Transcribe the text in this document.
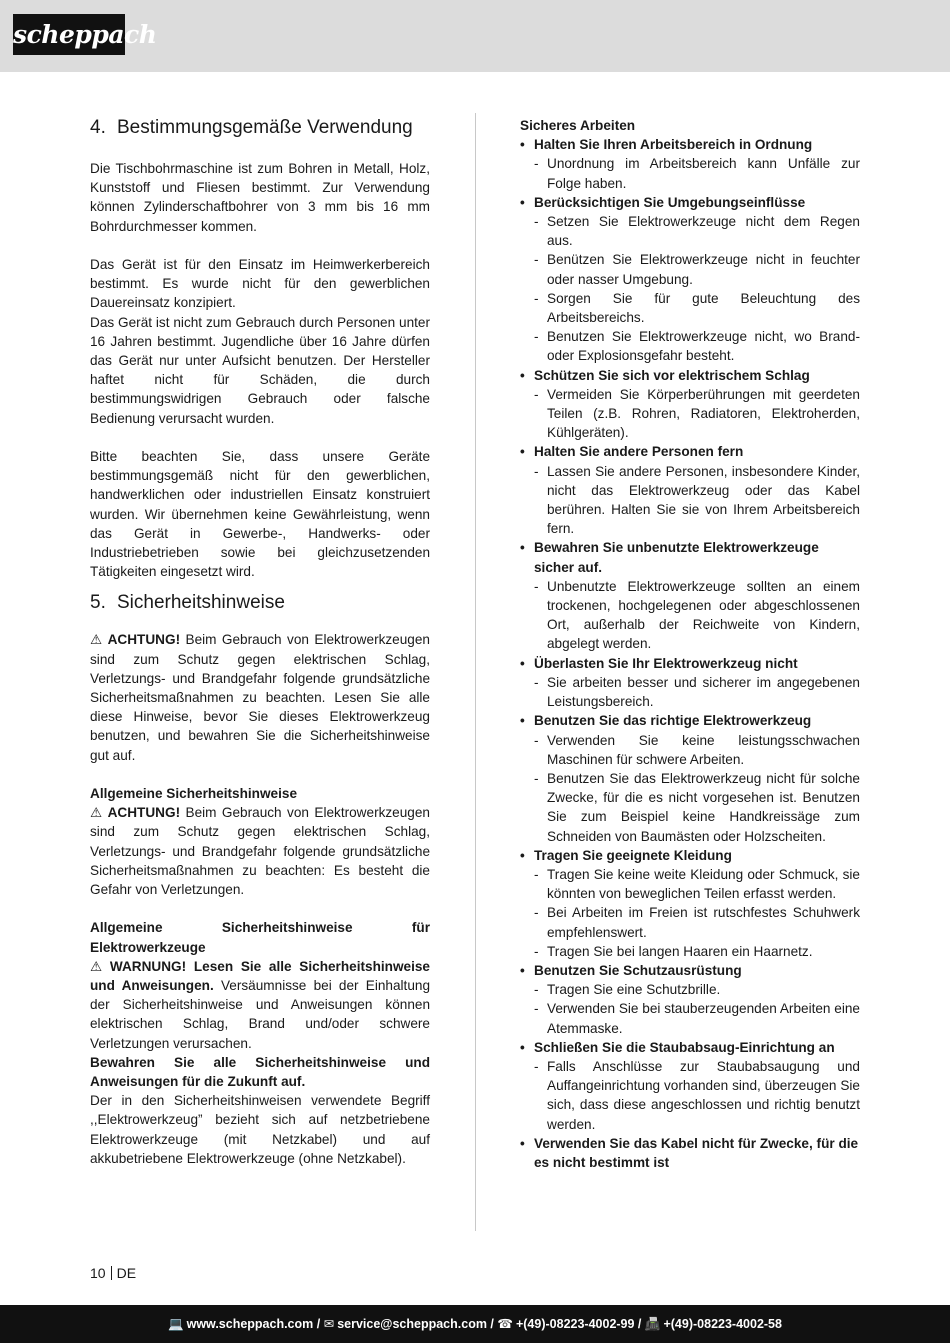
scheppach
4. Bestimmungsgemäße Verwendung

Die Tischbohrmaschine ist zum Bohren in Metall, Holz, Kunststoff und Fliesen bestimmt. Zur Verwendung können Zylinderschaftbohrer von 3 mm bis 16 mm Bohrdurchmesser kommen.

Das Gerät ist für den Einsatz im Heimwerkerbereich bestimmt. Es wurde nicht für den gewerblichen Dauereinsatz konzipiert.

Das Gerät ist nicht zum Gebrauch durch Personen unter 16 Jahren bestimmt. Jugendliche über 16 Jahre dürfen das Gerät nur unter Aufsicht benutzen. Der Hersteller haftet nicht für Schäden, die durch bestimmungswidrigen Gebrauch oder falsche Bedienung verursacht wurden.

Bitte beachten Sie, dass unsere Geräte bestimmungsgemäß nicht für den gewerblichen, handwerklichen oder industriellen Einsatz konstruiert wurden. Wir übernehmen keine Gewährleistung, wenn das Gerät in Gewerbe-, Handwerks- oder Industriebetrieben sowie bei gleichzusetzenden Tätigkeiten eingesetzt wird.

5. Sicherheitshinweise

⚠ ACHTUNG! Beim Gebrauch von Elektrowerkzeugen sind zum Schutz gegen elektrischen Schlag, Verletzungs- und Brandgefahr folgende grundsätzliche Sicherheitsmaßnahmen zu beachten. Lesen Sie alle diese Hinweise, bevor Sie dieses Elektrowerkzeug benutzen, und bewahren Sie die Sicherheitshinweise gut auf.

Allgemeine Sicherheitshinweise

⚠ ACHTUNG! Beim Gebrauch von Elektrowerkzeugen sind zum Schutz gegen elektrischen Schlag, Verletzungs- und Brandgefahr folgende grundsätzliche Sicherheitsmaßnahmen zu beachten: Es besteht die Gefahr von Verletzungen.

Allgemeine Sicherheitshinweise für Elektrowerkzeuge

⚠ WARNUNG! Lesen Sie alle Sicherheitshinweise und Anweisungen. Versäumnisse bei der Einhaltung der Sicherheitshinweise und Anweisungen können elektrischen Schlag, Brand und/oder schwere Verletzungen verursachen.

Bewahren Sie alle Sicherheitshinweise und Anweisungen für die Zukunft auf.

Der in den Sicherheitshinweisen verwendete Begriff ,,Elektrowerkzeug” bezieht sich auf netzbetriebene Elektrowerkzeuge (mit Netzkabel) und auf akkubetriebene Elektrowerkzeuge (ohne Netzkabel).

Sicheres Arbeiten

• Halten Sie Ihren Arbeitsbereich in Ordnung
- Unordnung im Arbeitsbereich kann Unfälle zur Folge haben.
• Berücksichtigen Sie Umgebungseinflüsse
- Setzen Sie Elektrowerkzeuge nicht dem Regen aus.
- Benützen Sie Elektrowerkzeuge nicht in feuchter oder nasser Umgebung.
- Sorgen Sie für gute Beleuchtung des Arbeitsbereichs.
- Benutzen Sie Elektrowerkzeuge nicht, wo Brand- oder Explosionsgefahr besteht.
• Schützen Sie sich vor elektrischem Schlag
- Vermeiden Sie Körperberührungen mit geerdeten Teilen (z.B. Rohren, Radiatoren, Elektroherden, Kühlgeräten).
• Halten Sie andere Personen fern
- Lassen Sie andere Personen, insbesondere Kinder, nicht das Elektrowerkzeug oder das Kabel berühren. Halten Sie sie von Ihrem Arbeitsbereich fern.
• Bewahren Sie unbenutzte Elektrowerkzeuge sicher auf.
- Unbenutzte Elektrowerkzeuge sollten an einem trockenen, hochgelegenen oder abgeschlossenen Ort, außerhalb der Reichweite von Kindern, abgelegt werden.
• Überlasten Sie Ihr Elektrowerkzeug nicht
- Sie arbeiten besser und sicherer im angegebenen Leistungsbereich.
• Benutzen Sie das richtige Elektrowerkzeug
- Verwenden Sie keine leistungsschwachen Maschinen für schwere Arbeiten.
- Benutzen Sie das Elektrowerkzeug nicht für solche Zwecke, für die es nicht vorgesehen ist. Benutzen Sie zum Beispiel keine Handkreissäge zum Schneiden von Baumästen oder Holzscheiten.
• Tragen Sie geeignete Kleidung
- Tragen Sie keine weite Kleidung oder Schmuck, sie könnten von beweglichen Teilen erfasst werden.
- Bei Arbeiten im Freien ist rutschfestes Schuhwerk empfehlenswert.
- Tragen Sie bei langen Haaren ein Haarnetz.
• Benutzen Sie Schutzausrüstung
- Tragen Sie eine Schutzbrille.
- Verwenden Sie bei stauberzeugenden Arbeiten eine Atemmaske.
• Schließen Sie die Staubabsaug-Einrichtung an
- Falls Anschlüsse zur Staubabsaugung und Auffangeinrichtung vorhanden sind, überzeugen Sie sich, dass diese angeschlossen und richtig benutzt werden.
• Verwenden Sie das Kabel nicht für Zwecke, für die es nicht bestimmt ist
10 DE
💻 www.scheppach.com / ✉ service@scheppach.com / ☎ +(49)-08223-4002-99 / 📠 +(49)-08223-4002-58
